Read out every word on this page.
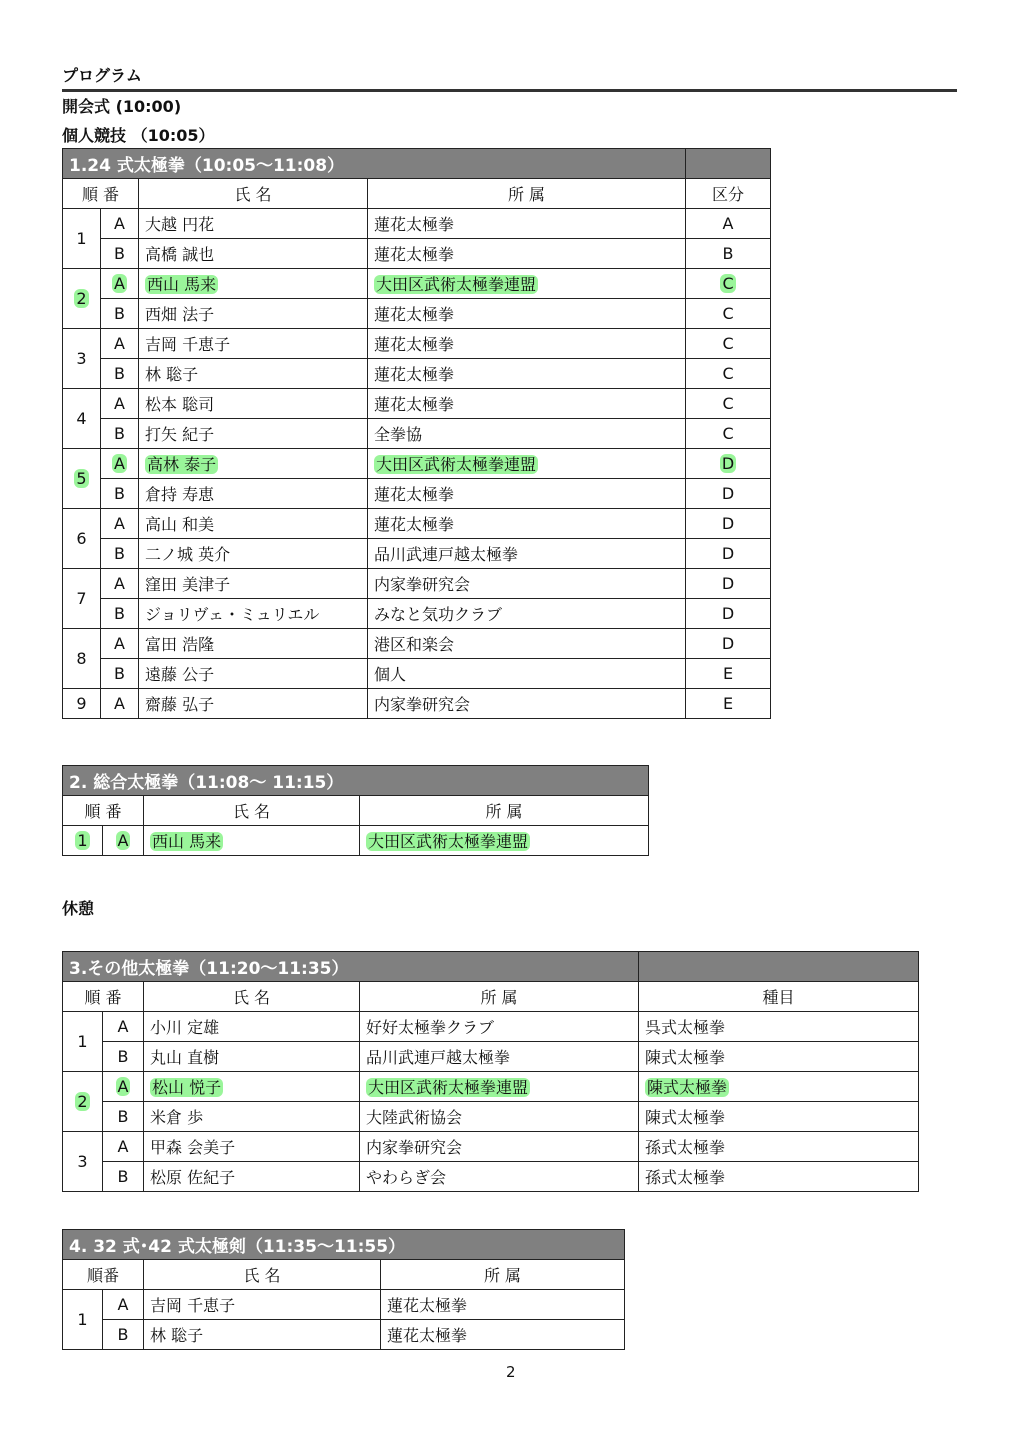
プログラム
開会式 (10:00)
個人競技 （10:05）
1.24 式太極拳（10:05～11:08）				
順 番		氏 名	所 属	区分
1	A	大越 円花	蓮花太極拳	A
	B	高橋 誠也	蓮花太極拳	B
2	A	西山 馬来	大田区武術太極拳連盟	C
	B	西畑 法子	蓮花太極拳	C
3	A	吉岡 千恵子	蓮花太極拳	C
	B	林 聡子	蓮花太極拳	C
4	A	松本 聡司	蓮花太極拳	C
	B	打矢 紀子	全拳協	C
5	A	高林 泰子	大田区武術太極拳連盟	D
	B	倉持 寿恵	蓮花太極拳	D
6	A	高山 和美	蓮花太極拳	D
	B	二ノ城 英介	品川武連戸越太極拳	D
7	A	窪田 美津子	内家拳研究会	D
	B	ジョリヴェ・ミュリエル	みなと気功クラブ	D
8	A	富田 浩隆	港区和楽会	D
	B	遠藤 公子	個人	E
9	A	齋藤 弘子	内家拳研究会	E
2. 総合太極拳（11:08～ 11:15）			
順 番		氏 名	所 属
1	A	西山 馬来	大田区武術太極拳連盟
休憩
3.その他太極拳（11:20～11:35）				
順 番		氏 名	所 属	種目
1	A	小川 定雄	好好太極拳クラブ	呉式太極拳
	B	丸山 直樹	品川武連戸越太極拳	陳式太極拳
2	A	松山 悦子	大田区武術太極拳連盟	陳式太極拳
	B	米倉 歩	大陸武術協会	陳式太極拳
3	A	甲森 会美子	内家拳研究会	孫式太極拳
	B	松原 佐紀子	やわらぎ会	孫式太極拳
4. 32 式･42 式太極剣（11:35～11:55）			
順番		氏 名	所 属
1	A	吉岡 千恵子	蓮花太極拳
	B	林 聡子	蓮花太極拳
2
